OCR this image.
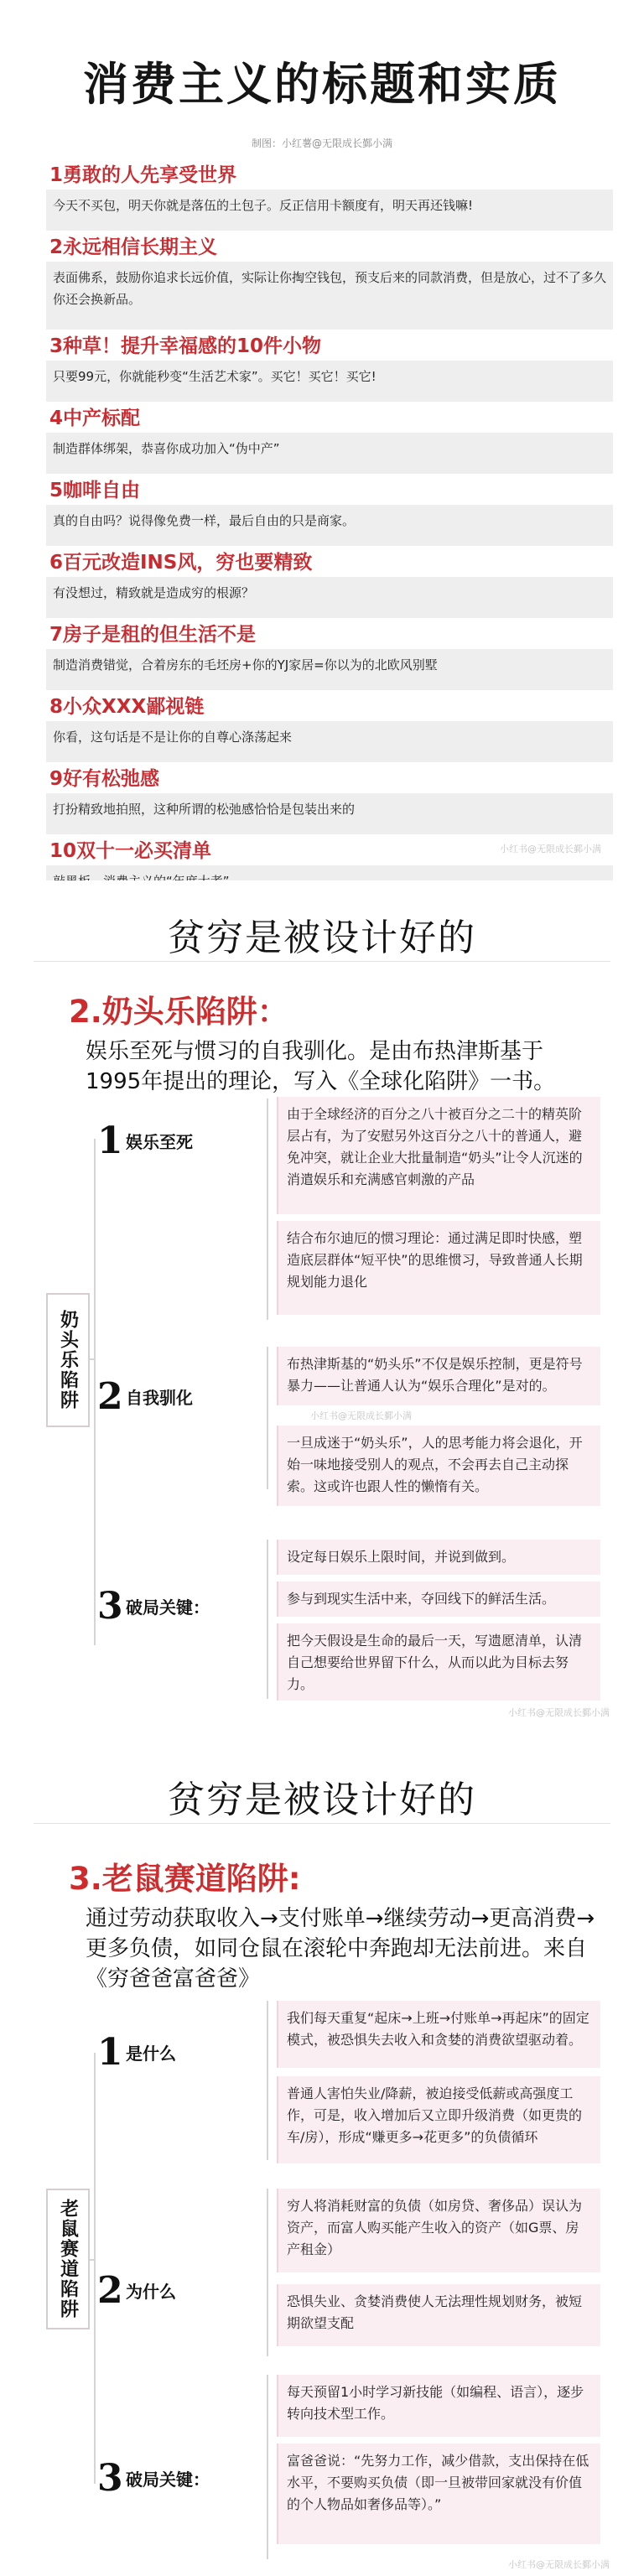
消费主义的标题和实质
制图：小红薯@无限成长鄞小满
1勇敢的人先享受世界
今天不买包，明天你就是落伍的土包子。反正信用卡额度有，明天再还钱嘛!
2永远相信长期主义
表面佛系，鼓励你追求长远价值，实际让你掏空钱包，预支后来的同款消费，但是放心，过不了多久你还会换新品。
3种草！提升幸福感的10件小物
只要99元，你就能秒变“生活艺术家”。买它！买它！买它!
4中产标配
制造群体绑架，恭喜你成功加入“伪中产”
5咖啡自由
真的自由吗？说得像免费一样，最后自由的只是商家。
6百元改造INS风，穷也要精致
有没想过，精致就是造成穷的根源？
7房子是租的但生活不是
制造消费错觉，合着房东的毛坯房+你的YJ家居=你以为的北欧风别墅
8小众XXX鄙视链
你看，这句话是不是让你的自尊心涤荡起来
9好有松弛感
打扮精致地拍照，这种所谓的松弛感恰恰是包装出来的
10双十一必买清单	小红书@无限成长鄞小满
贫穷是被设计好的
2.奶头乐陷阱：
娱乐至死与惯习的自我驯化。是由布热津斯基于1995年提出的理论，写入《全球化陷阱》一书。
奶头乐陷阱
1 娱乐至死
由于全球经济的百分之八十被百分之二十的精英阶层占有，为了安慰另外这百分之八十的普通人，避免冲突，就让企业大批量制造“奶头”让令人沉迷的消遣娱乐和充满感官刺激的产品
结合布尔迪厄的惯习理论：通过满足即时快感，塑造底层群体“短平快”的思维惯习，导致普通人长期规划能力退化
2 自我驯化
布热津斯基的“奶头乐”不仅是娱乐控制，更是符号暴力——让普通人认为“娱乐合理化”是对的。
小红书@无限成长鄞小满
一旦成迷于“奶头乐”，人的思考能力将会退化，开始一味地接受别人的观点，不会再去自己主动探索。这或许也跟人性的懒惰有关。
3 破局关键：
设定每日娱乐上限时间，并说到做到。
参与到现实生活中来，夺回线下的鲜活生活。
把今天假设是生命的最后一天，写遗愿清单，认清自己想要给世界留下什么，从而以此为目标去努力。
小红书@无限成长鄞小满
贫穷是被设计好的
3.老鼠赛道陷阱:
通过劳动获取收入→支付账单→继续劳动→更高消费→更多负债，如同仓鼠在滚轮中奔跑却无法前进。来自《穷爸爸富爸爸》
老鼠赛道陷阱
1 是什么
我们每天重复“起床→上班→付账单→再起床”的固定模式，被恐惧失去收入和贪婪的消费欲望驱动着。
普通人害怕失业/降薪，被迫接受低薪或高强度工作，可是，收入增加后又立即升级消费（如更贵的车/房），形成“赚更多→花更多”的负债循环
2 为什么
穷人将消耗财富的负债（如房贷、奢侈品）误认为资产，而富人购买能产生收入的资产（如G票、房产租金）
恐惧失业、贪婪消费使人无法理性规划财务，被短期欲望支配
3 破局关键：
每天预留1小时学习新技能（如编程、语言），逐步转向技术型工作。
富爸爸说：“先努力工作，减少借款，支出保持在低水平，不要购买负债（即一旦被带回家就没有价值的个人物品如奢侈品等）。”
小红书@无限成长鄞小满
